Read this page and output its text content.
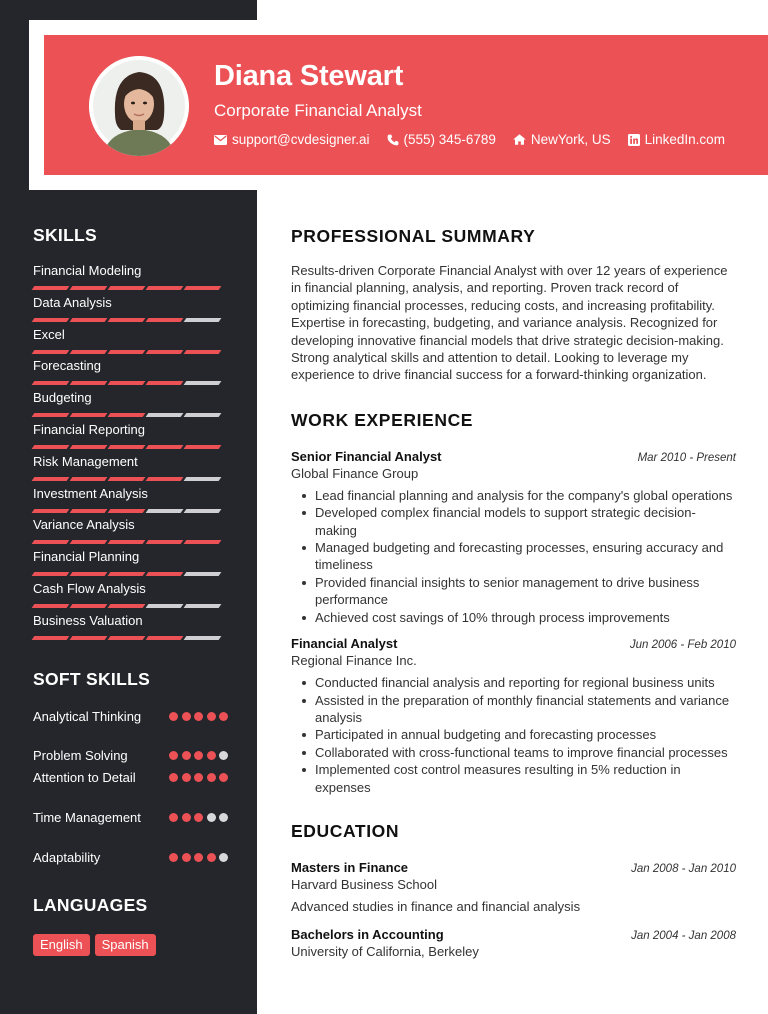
Diana Stewart
Corporate Financial Analyst
support@cvdesigner.ai	(555) 345-6789	NewYork, US	LinkedIn.com
SKILLS
Financial Modeling
Data Analysis
Excel
Forecasting
Budgeting
Financial Reporting
Risk Management
Investment Analysis
Variance Analysis
Financial Planning
Cash Flow Analysis
Business Valuation
SOFT SKILLS
Analytical Thinking
Problem Solving
Attention to Detail
Time Management
Adaptability
LANGUAGES
English	Spanish
PROFESSIONAL SUMMARY

Results-driven Corporate Financial Analyst with over 12 years of experience in financial planning, analysis, and reporting. Proven track record of optimizing financial processes, reducing costs, and increasing profitability. Expertise in forecasting, budgeting, and variance analysis. Recognized for developing innovative financial models that drive strategic decision-making. Strong analytical skills and attention to detail. Looking to leverage my experience to drive financial success for a forward-thinking organization.

WORK EXPERIENCE
Senior Financial Analyst	Mar 2010 - Present
Global Finance Group
Lead financial planning and analysis for the company's global operations
Developed complex financial models to support strategic decision-making
Managed budgeting and forecasting processes, ensuring accuracy and timeliness
Provided financial insights to senior management to drive business performance
Achieved cost savings of 10% through process improvements
Financial Analyst	Jun 2006 - Feb 2010
Regional Finance Inc.
Conducted financial analysis and reporting for regional business units
Assisted in the preparation of monthly financial statements and variance analysis
Participated in annual budgeting and forecasting processes
Collaborated with cross-functional teams to improve financial processes
Implemented cost control measures resulting in 5% reduction in expenses
EDUCATION
Masters in Finance	Jan 2008 - Jan 2010
Harvard Business School
Advanced studies in finance and financial analysis
Bachelors in Accounting	Jan 2004 - Jan 2008
University of California, Berkeley
